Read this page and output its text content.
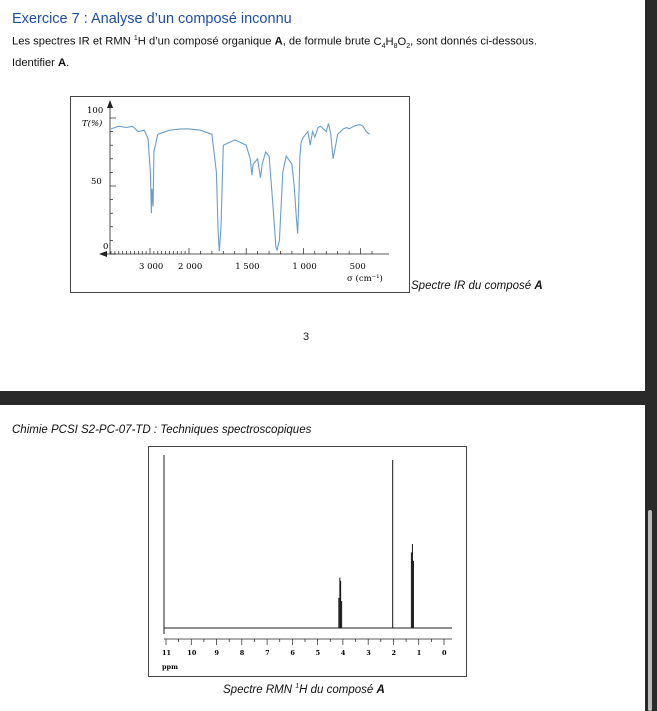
Exercice 7 : Analyse d’un composé inconnu
Les spectres IR et RMN $^1$H d’un composé organique A, de formule brute $C_4H_8O_2$, sont donnés ci-dessous.
Identifier A.
100
T(%)
50
0
3 000 2 000	1 500	1 000	500
σ (cm⁻¹)
Spectre IR du composé A
3
Chimie PCSI S2-PC-07-TD : Techniques spectroscopiques
11	10	9	8	7	6	5	4	3	2	1	0
ppm
Spectre RMN $^1$H du composé A
